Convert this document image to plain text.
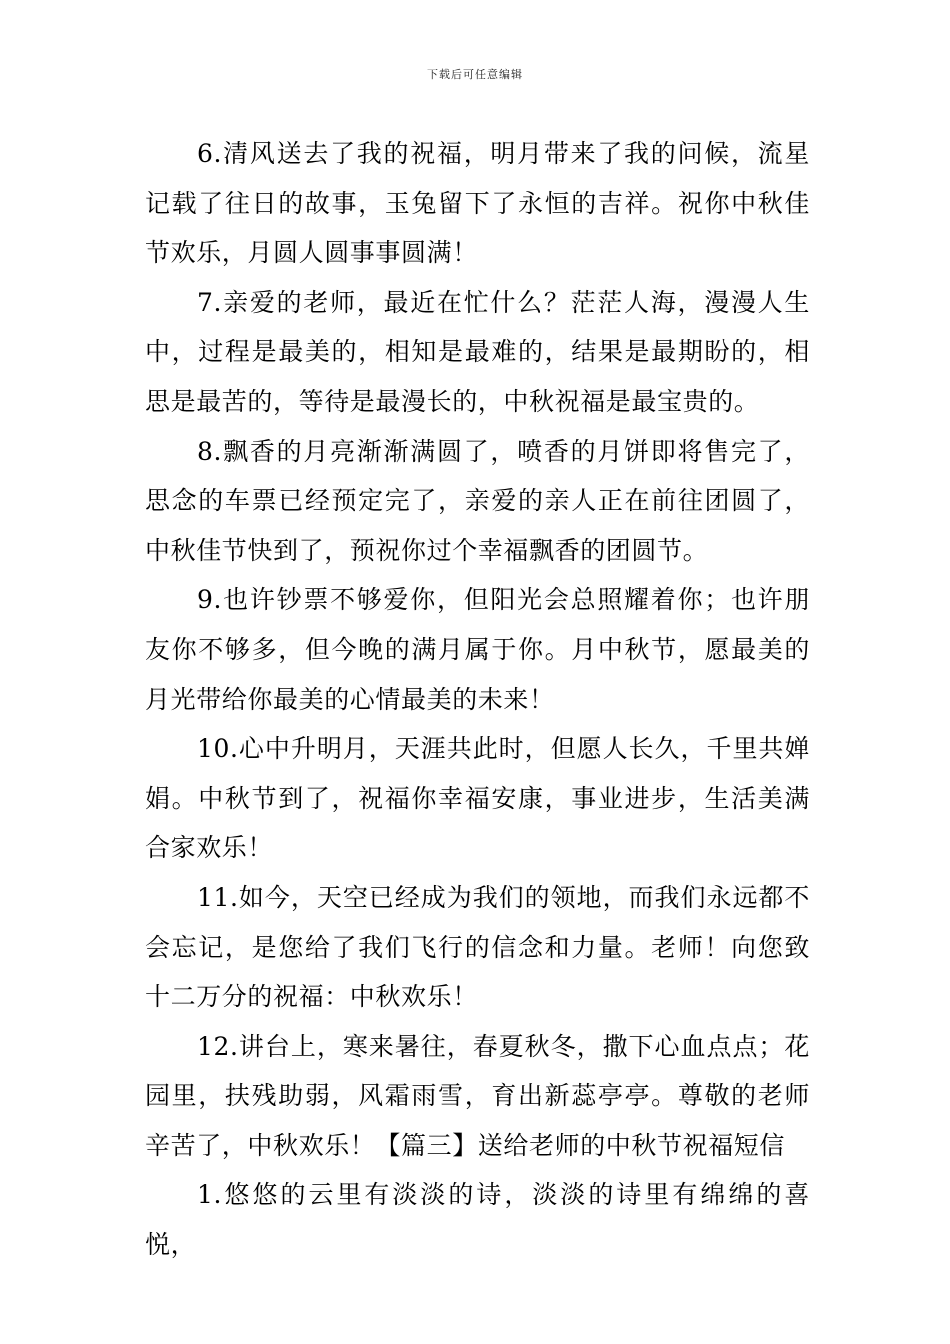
下载后可任意编辑

6.清风送去了我的祝福，明月带来了我的问候，流星记载了往日的故事，玉兔留下了永恒的吉祥。祝你中秋佳节欢乐，月圆人圆事事圆满！

7.亲爱的老师，最近在忙什么？茫茫人海，漫漫人生中，过程是最美的，相知是最难的，结果是最期盼的，相思是最苦的，等待是最漫长的，中秋祝福是最宝贵的。

8.飘香的月亮渐渐满圆了，喷香的月饼即将售完了，思念的车票已经预定完了，亲爱的亲人正在前往团圆了，中秋佳节快到了，预祝你过个幸福飘香的团圆节。

9.也许钞票不够爱你，但阳光会总照耀着你；也许朋友你不够多，但今晚的满月属于你。月中秋节，愿最美的月光带给你最美的心情最美的未来！

10.心中升明月，天涯共此时，但愿人长久，千里共婵娟。中秋节到了，祝福你幸福安康，事业进步，生活美满合家欢乐！

11.如今，天空已经成为我们的领地，而我们永远都不会忘记，是您给了我们飞行的信念和力量。老师！向您致十二万分的祝福：中秋欢乐！

12.讲台上，寒来暑往，春夏秋冬，撒下心血点点；花园里，扶残助弱，风霜雨雪，育出新蕊亭亭。尊敬的老师辛苦了，中秋欢乐！【篇三】送给老师的中秋节祝福短信

1.悠悠的云里有淡淡的诗，淡淡的诗里有绵绵的喜悦，
